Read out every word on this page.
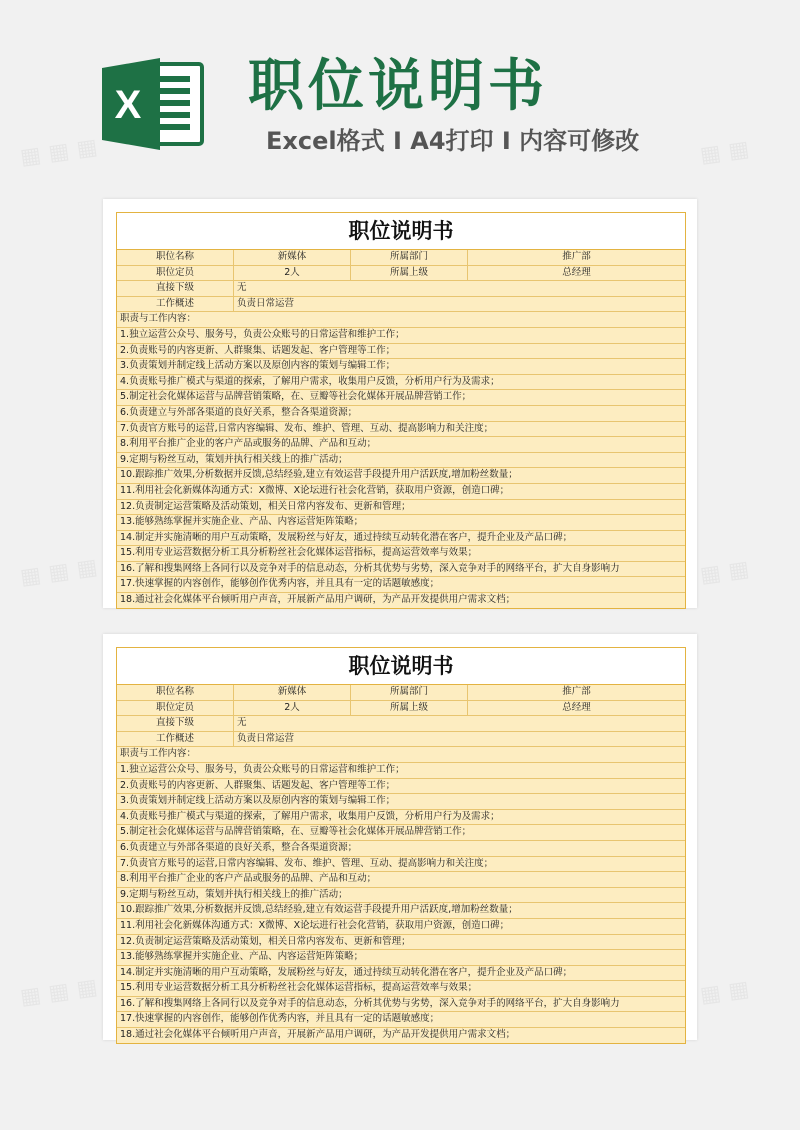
X 职位说明书
Excel格式 I A4打印 I 内容可修改
职位说明书
职位名称	新媒体	所属部门	推广部
职位定员	2人	所属上级	总经理
直接下级	无
工作概述	负责日常运营
职责与工作内容：
1.独立运营公众号、服务号，负责公众账号的日常运营和维护工作；
2.负责账号的内容更新、人群聚集、话题发起、客户管理等工作；
3.负责策划并制定线上活动方案以及原创内容的策划与编辑工作；
4.负责账号推广模式与渠道的探索，了解用户需求，收集用户反馈，分析用户行为及需求；
5.制定社会化媒体运营与品牌营销策略，在、豆瓣等社会化媒体开展品牌营销工作；
6.负责建立与外部各渠道的良好关系，整合各渠道资源；
7.负责官方账号的运营,日常内容编辑、发布、维护、管理、互动、提高影响力和关注度；
8.利用平台推广企业的客户产品或服务的品牌、产品和互动；
9.定期与粉丝互动，策划并执行相关线上的推广活动；
10.跟踪推广效果,分析数据并反馈,总结经验,建立有效运营手段提升用户活跃度,增加粉丝数量；
11.利用社会化新媒体沟通方式：X微博、X论坛进行社会化营销，获取用户资源，创造口碑；
12.负责制定运营策略及活动策划，相关日常内容发布、更新和管理；
13.能够熟练掌握并实施企业、产品、内容运营矩阵策略；
14.制定并实施清晰的用户互动策略，发展粉丝与好友，通过持续互动转化潜在客户，提升企业及产品口碑；
15.利用专业运营数据分析工具分析粉丝社会化媒体运营指标，提高运营效率与效果；
16.了解和搜集网络上各同行以及竞争对手的信息动态，分析其优势与劣势，深入竞争对手的网络平台，扩大自身影响力
17.快速掌握的内容创作，能够创作优秀内容，并且具有一定的话题敏感度；
18.通过社会化媒体平台倾听用户声音，开展新产品用户调研，为产品开发提供用户需求文档；
职位说明书
职位名称	新媒体	所属部门	推广部
职位定员	2人	所属上级	总经理
直接下级	无
工作概述	负责日常运营
职责与工作内容：
1.独立运营公众号、服务号，负责公众账号的日常运营和维护工作；
2.负责账号的内容更新、人群聚集、话题发起、客户管理等工作；
3.负责策划并制定线上活动方案以及原创内容的策划与编辑工作；
4.负责账号推广模式与渠道的探索，了解用户需求，收集用户反馈，分析用户行为及需求；
5.制定社会化媒体运营与品牌营销策略，在、豆瓣等社会化媒体开展品牌营销工作；
6.负责建立与外部各渠道的良好关系，整合各渠道资源；
7.负责官方账号的运营,日常内容编辑、发布、维护、管理、互动、提高影响力和关注度；
8.利用平台推广企业的客户产品或服务的品牌、产品和互动；
9.定期与粉丝互动，策划并执行相关线上的推广活动；
10.跟踪推广效果,分析数据并反馈,总结经验,建立有效运营手段提升用户活跃度,增加粉丝数量；
11.利用社会化新媒体沟通方式：X微博、X论坛进行社会化营销，获取用户资源，创造口碑；
12.负责制定运营策略及活动策划，相关日常内容发布、更新和管理；
13.能够熟练掌握并实施企业、产品、内容运营矩阵策略；
14.制定并实施清晰的用户互动策略，发展粉丝与好友，通过持续互动转化潜在客户，提升企业及产品口碑；
15.利用专业运营数据分析工具分析粉丝社会化媒体运营指标，提高运营效率与效果；
16.了解和搜集网络上各同行以及竞争对手的信息动态，分析其优势与劣势，深入竞争对手的网络平台，扩大自身影响力
17.快速掌握的内容创作，能够创作优秀内容，并且具有一定的话题敏感度；
18.通过社会化媒体平台倾听用户声音，开展新产品用户调研，为产品开发提供用户需求文档；
